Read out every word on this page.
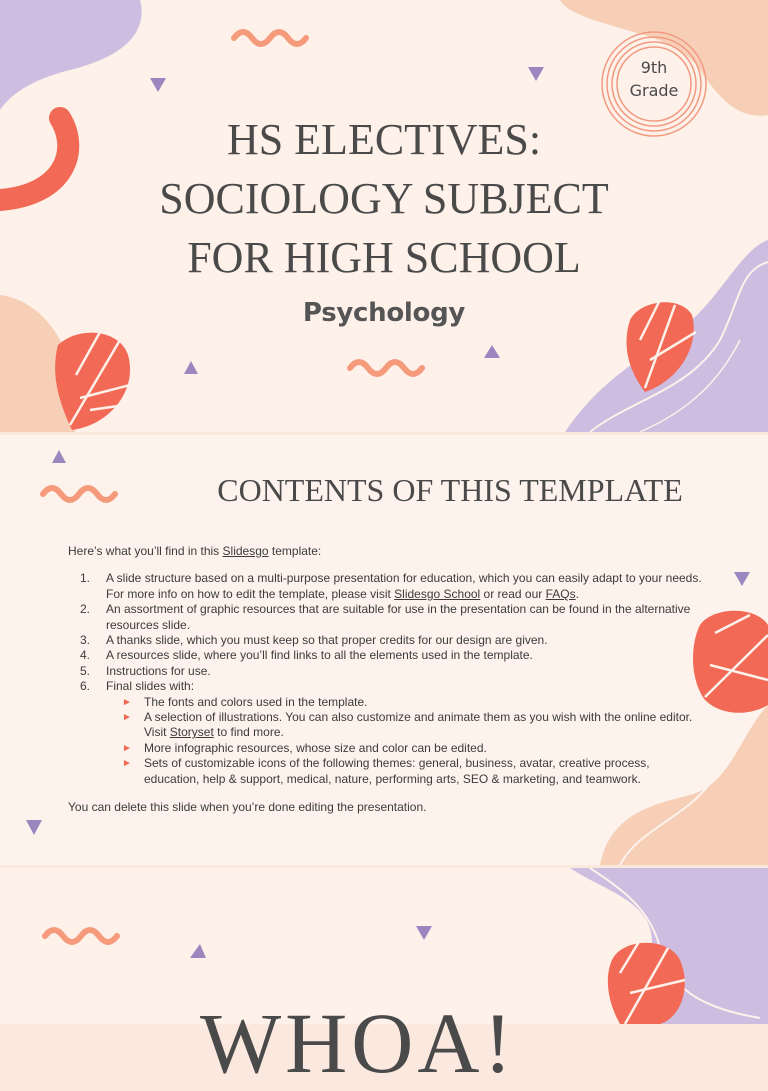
9th
Grade
HS ELECTIVES:
SOCIOLOGY SUBJECT
FOR HIGH SCHOOL
Psychology
CONTENTS OF THIS TEMPLATE

Here’s what you’ll find in this Slidesgo template:

1. A slide structure based on a multi-purpose presentation for education, which you can easily adapt to your needs. For more info on how to edit the template, please visit Slidesgo School or read our FAQs.
2. An assortment of graphic resources that are suitable for use in the presentation can be found in the alternative resources slide.
3. A thanks slide, which you must keep so that proper credits for our design are given.
4. A resources slide, where you’ll find links to all the elements used in the template.
5. Instructions for use.
6. Final slides with:
► The fonts and colors used in the template.
► A selection of illustrations. You can also customize and animate them as you wish with the online editor. Visit Storyset to find more.
► More infographic resources, whose size and color can be edited.
► Sets of customizable icons of the following themes: general, business, avatar, creative process, education, help & support, medical, nature, performing arts, SEO & marketing, and teamwork.

You can delete this slide when you’re done editing the presentation.

WHOA!
